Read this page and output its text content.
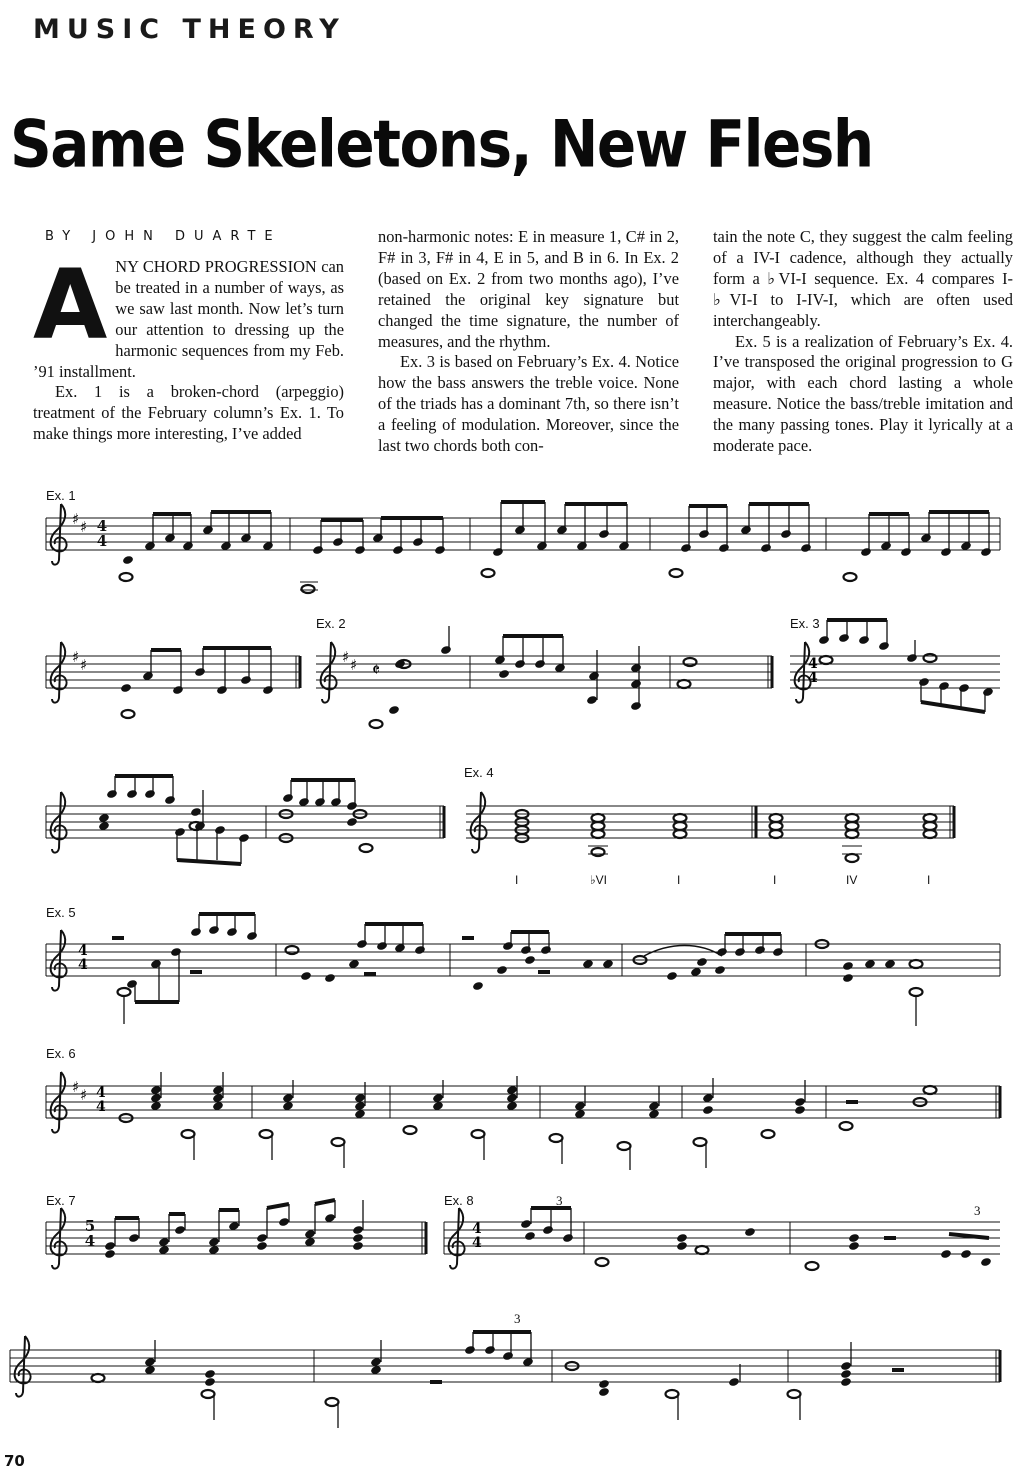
MUSIC THEORY
Same Skeletons, New Flesh
BY JOHN DUARTE
A NY CHORD PROGRESSION can be treated in a number of ways, as we saw last month. Now let’s turn our attention to dressing up the harmonic sequences from my Feb. ’91 installment.

Ex. 1 is a broken-chord (arpeggio) treatment of the February column’s Ex. 1. To make things more interesting, I’ve added

non-harmonic notes: E in measure 1, C# in 2, F# in 3, F# in 4, E in 5, and B in 6. In Ex. 2 (based on Ex. 2 from two months ago), I’ve retained the original key signature but changed the time signature, the number of measures, and the rhythm.

Ex. 3 is based on February’s Ex. 4. Notice how the bass answers the treble voice. None of the triads has a dominant 7th, so there isn’t a feeling of modulation. Moreover, since the last two chords both con-

tain the note C, they suggest the calm feeling of a IV-I cadence, although they actually form a ♭VI-I sequence. Ex. 4 compares I-♭VI-I to I-IV-I, which are often used interchangeably.

Ex. 5 is a realization of February’s Ex. 4. I’ve transposed the original progression to G major, with each chord lasting a whole measure. Notice the bass/treble imitation and the many passing tones. Play it lyrically at a moderate pace.

Ex. 1
Ex. 2	Ex. 3
Ex. 4
Ex. 5
Ex. 6
Ex. 7	Ex. 8
I	♭VI	I	I	IV	I
4
4
5
4
3
3
3
♯ ♯
♯ ♯	♯ ♯	4
4
𝄵
4
4
♯ ♯ 4
4
4
4
70
